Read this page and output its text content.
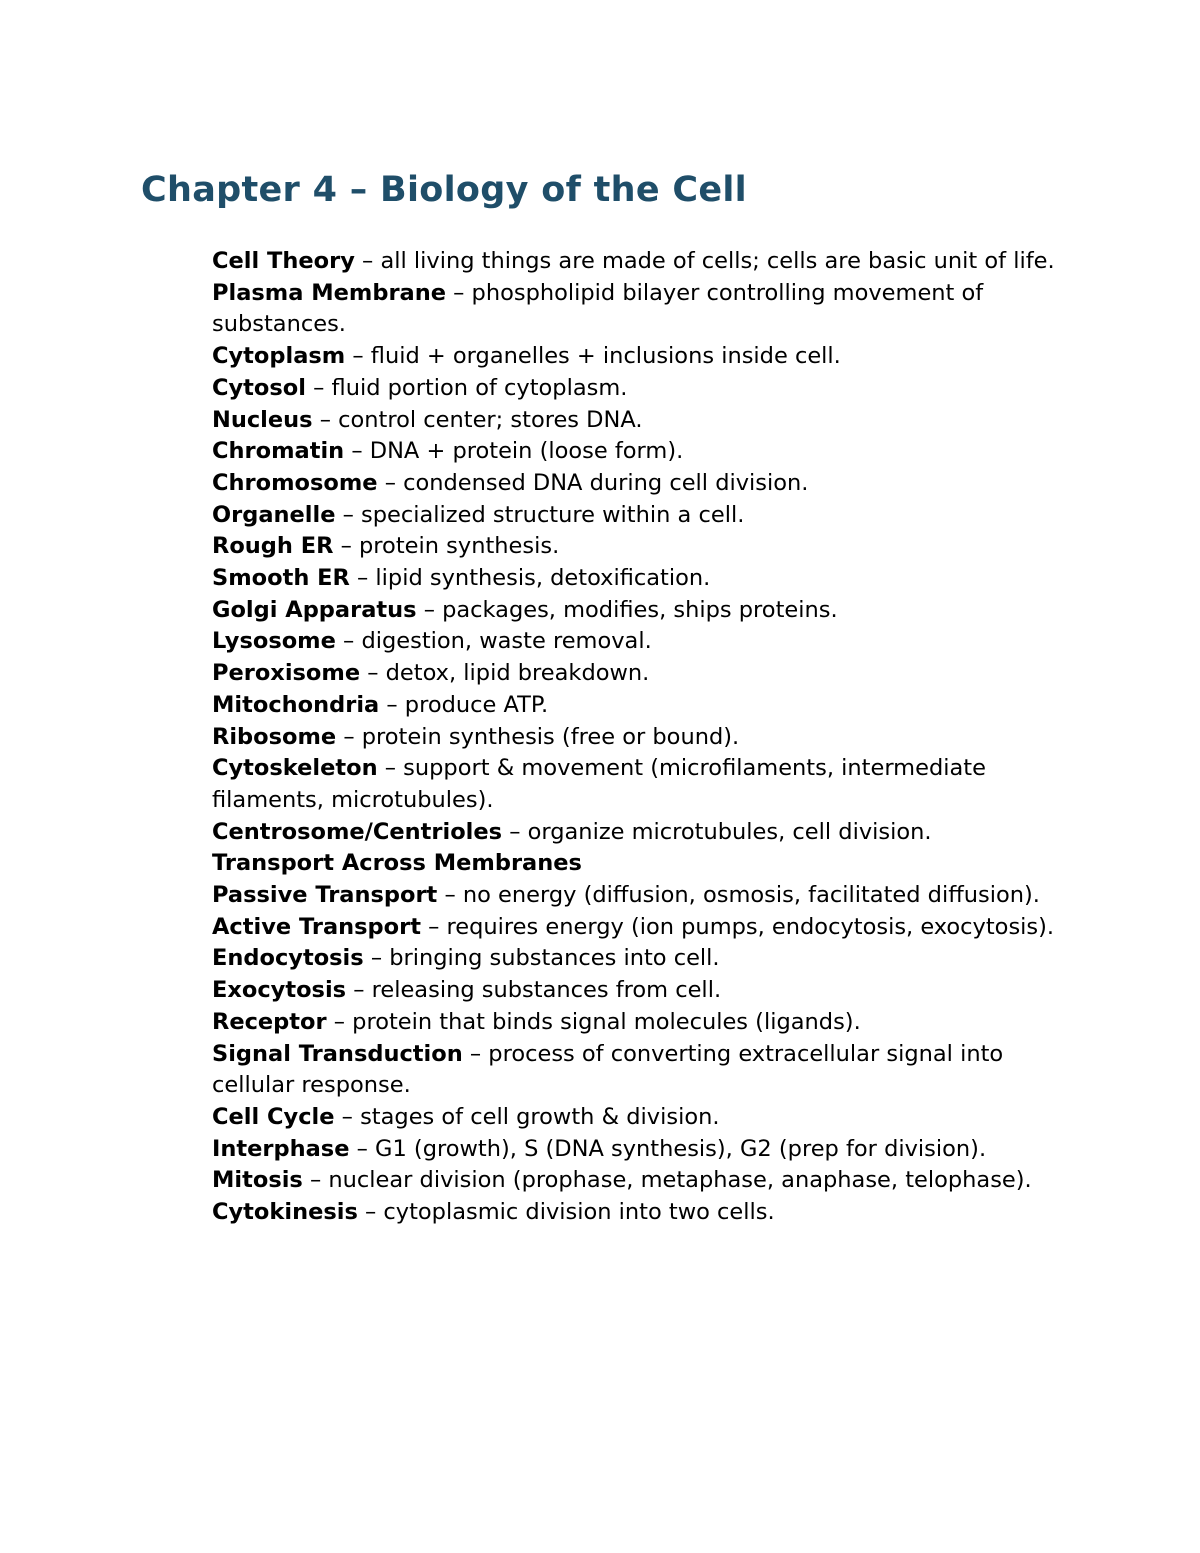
Chapter 4 – Biology of the Cell
Cell Theory – all living things are made of cells; cells are basic unit of life.
Plasma Membrane – phospholipid bilayer controlling movement of substances.
Cytoplasm – fluid + organelles + inclusions inside cell.
Cytosol – fluid portion of cytoplasm.
Nucleus – control center; stores DNA.
Chromatin – DNA + protein (loose form).
Chromosome – condensed DNA during cell division.
Organelle – specialized structure within a cell.
Rough ER – protein synthesis.
Smooth ER – lipid synthesis, detoxification.
Golgi Apparatus – packages, modifies, ships proteins.
Lysosome – digestion, waste removal.
Peroxisome – detox, lipid breakdown.
Mitochondria – produce ATP.
Ribosome – protein synthesis (free or bound).
Cytoskeleton – support & movement (microfilaments, intermediate filaments, microtubules).
Centrosome/Centrioles – organize microtubules, cell division.
Transport Across Membranes
Passive Transport – no energy (diffusion, osmosis, facilitated diffusion).
Active Transport – requires energy (ion pumps, endocytosis, exocytosis).
Endocytosis – bringing substances into cell.
Exocytosis – releasing substances from cell.
Receptor – protein that binds signal molecules (ligands).
Signal Transduction – process of converting extracellular signal into cellular response.
Cell Cycle – stages of cell growth & division.
Interphase – G1 (growth), S (DNA synthesis), G2 (prep for division).
Mitosis – nuclear division (prophase, metaphase, anaphase, telophase).
Cytokinesis – cytoplasmic division into two cells.
